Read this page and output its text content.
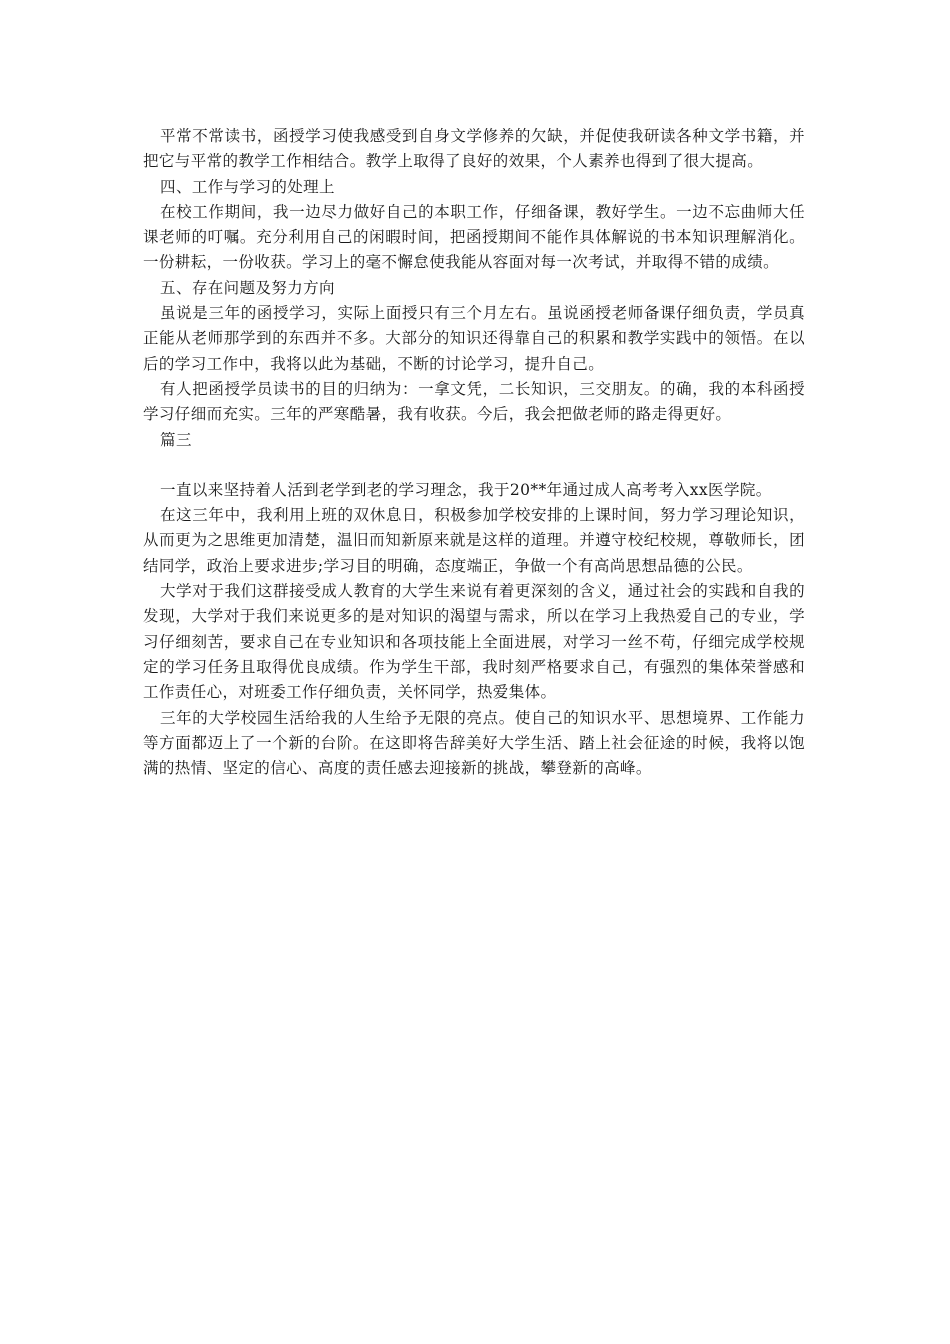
平常不常读书，函授学习使我感受到自身文学修养的欠缺，并促使我研读各种文学书籍，并把它与平常的教学工作相结合。教学上取得了良好的效果，个人素养也得到了很大提高。

四、工作与学习的处理上

在校工作期间，我一边尽力做好自己的本职工作，仔细备课，教好学生。一边不忘曲师大任课老师的叮嘱。充分利用自己的闲暇时间，把函授期间不能作具体解说的书本知识理解消化。一份耕耘，一份收获。学习上的毫不懈怠使我能从容面对每一次考试，并取得不错的成绩。

五、存在问题及努力方向

虽说是三年的函授学习，实际上面授只有三个月左右。虽说函授老师备课仔细负责，学员真正能从老师那学到的东西并不多。大部分的知识还得靠自己的积累和教学实践中的领悟。在以后的学习工作中，我将以此为基础，不断的讨论学习，提升自己。

有人把函授学员读书的目的归纳为：一拿文凭，二长知识，三交朋友。的确，我的本科函授学习仔细而充实。三年的严寒酷暑，我有收获。今后，我会把做老师的路走得更好。

篇三

一直以来坚持着人活到老学到老的学习理念，我于20**年通过成人高考考入xx医学院。

在这三年中，我利用上班的双休息日，积极参加学校安排的上课时间，努力学习理论知识，从而更为之思维更加清楚，温旧而知新原来就是这样的道理。并遵守校纪校规，尊敬师长，团结同学，政治上要求进步;学习目的明确，态度端正，争做一个有高尚思想品德的公民。

大学对于我们这群接受成人教育的大学生来说有着更深刻的含义，通过社会的实践和自我的发现，大学对于我们来说更多的是对知识的渴望与需求，所以在学习上我热爱自己的专业，学习仔细刻苦，要求自己在专业知识和各项技能上全面进展，对学习一丝不苟，仔细完成学校规定的学习任务且取得优良成绩。作为学生干部，我时刻严格要求自己，有强烈的集体荣誉感和工作责任心，对班委工作仔细负责，关怀同学，热爱集体。

三年的大学校园生活给我的人生给予无限的亮点。使自己的知识水平、思想境界、工作能力等方面都迈上了一个新的台阶。在这即将告辞美好大学生活、踏上社会征途的时候，我将以饱满的热情、坚定的信心、高度的责任感去迎接新的挑战，攀登新的高峰。
